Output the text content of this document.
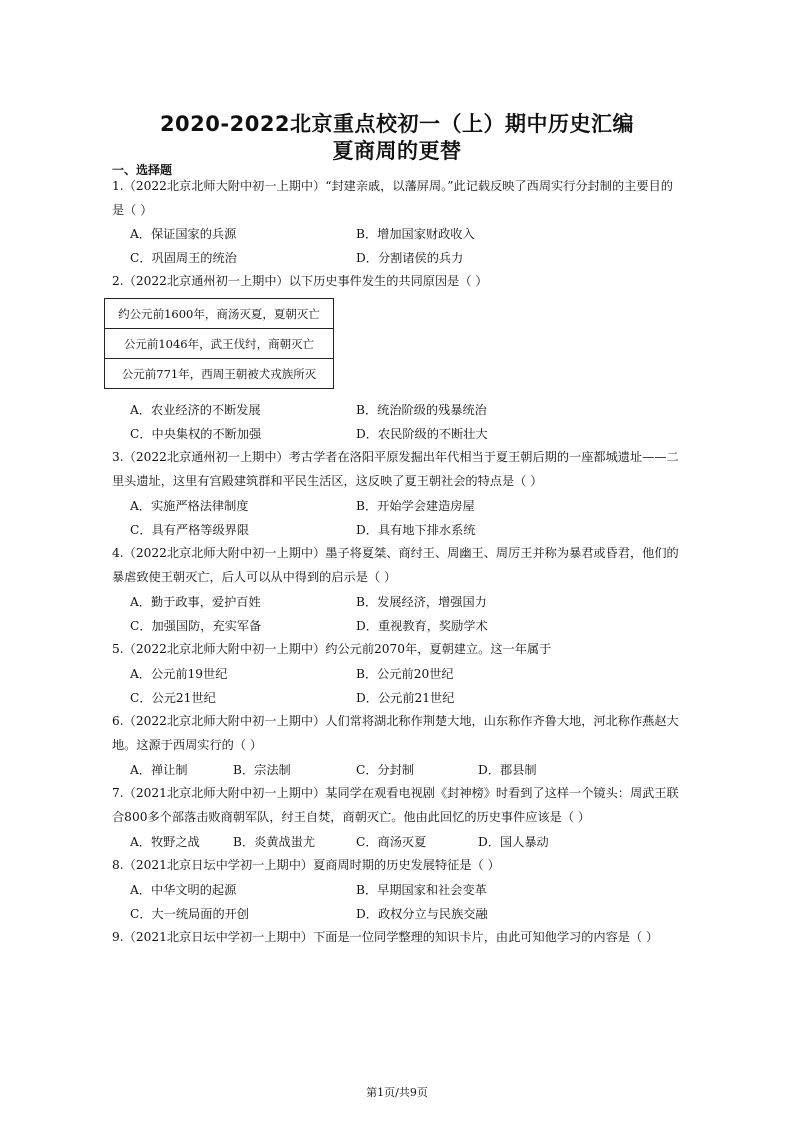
2020-2022北京重点校初一（上）期中历史汇编
夏商周的更替
一、选择题

1.（2022北京北师大附中初一上期中）“封建亲戚，以藩屏周。”此记载反映了西周实行分封制的主要目的

是（ ）

A．保证国家的兵源	B．增加国家财政收入
C．巩固周王的统治	D．分割诸侯的兵力

2.（2022北京通州初一上期中）以下历史事件发生的共同原因是（ ）

约公元前1600年，商汤灭夏，夏朝灭亡
公元前1046年，武王伐纣，商朝灭亡
公元前771年，西周王朝被犬戎族所灭
A．农业经济的不断发展	B．统治阶级的残暴统治
C．中央集权的不断加强	D．农民阶级的不断壮大

3.（2022北京通州初一上期中）考古学者在洛阳平原发掘出年代相当于夏王朝后期的一座都城遗址——二

里头遗址，这里有宫殿建筑群和平民生活区，这反映了夏王朝社会的特点是（ ）

A．实施严格法律制度	B．开始学会建造房屋
C．具有严格等级界限	D．具有地下排水系统

4.（2022北京北师大附中初一上期中）墨子将夏桀、商纣王、周幽王、周厉王并称为暴君或昏君，他们的

暴虐致使王朝灭亡，后人可以从中得到的启示是（ ）

A．勤于政事，爱护百姓	B．发展经济，增强国力
C．加强国防，充实军备	D．重视教育，奖励学术

5.（2022北京北师大附中初一上期中）约公元前2070年，夏朝建立。这一年属于

A．公元前19世纪	B．公元前20世纪
C．公元21世纪	D．公元前21世纪

6.（2022北京北师大附中初一上期中）人们常将湖北称作荆楚大地，山东称作齐鲁大地，河北称作燕赵大

地。这源于西周实行的（ ）

A．禅让制	B．宗法制	C．分封制	D．郡县制

7.（2021北京北师大附中初一上期中）某同学在观看电视剧《封神榜》时看到了这样一个镜头：周武王联

合800多个部落击败商朝军队，纣王自焚，商朝灭亡。他由此回忆的历史事件应该是（ ）

A．牧野之战	B．炎黄战蚩尤	C．商汤灭夏	D．国人暴动

8.（2021北京日坛中学初一上期中）夏商周时期的历史发展特征是（ ）

A．中华文明的起源	B．早期国家和社会变革
C．大一统局面的开创	D．政权分立与民族交融

9.（2021北京日坛中学初一上期中）下面是一位同学整理的知识卡片，由此可知他学习的内容是（ ）

第1页/共9页
